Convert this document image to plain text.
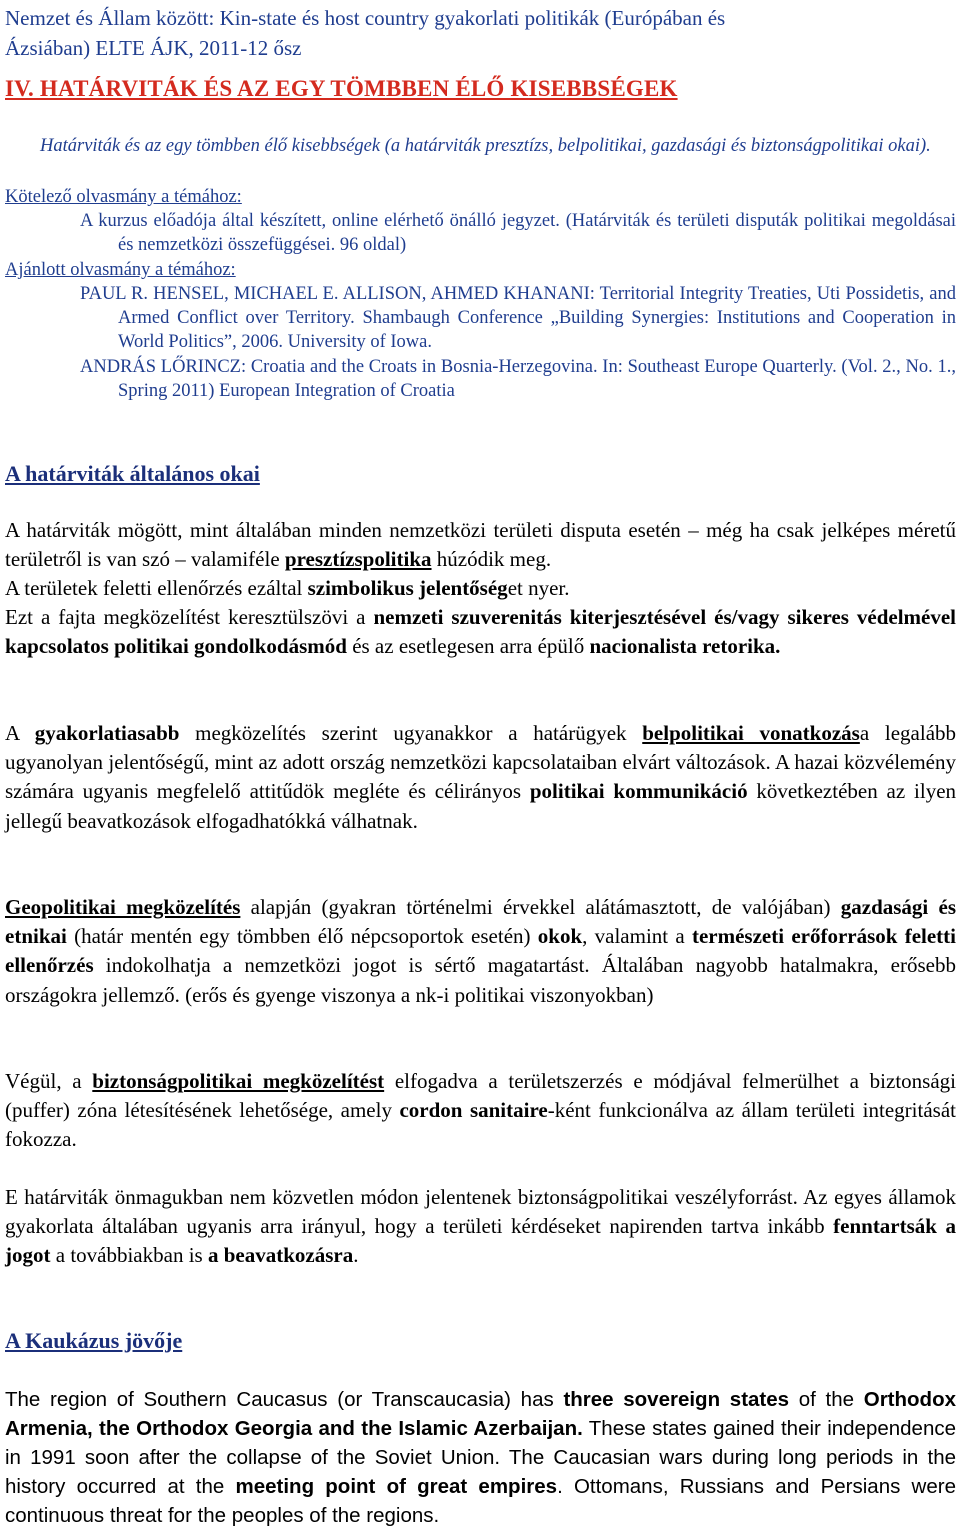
Nemzet és Állam között: Kin-state és host country gyakorlati politikák (Európában és
Ázsiában) ELTE ÁJK, 2011-12 ősz
IV. HATÁRVITÁK ÉS AZ EGY TÖMBBEN ÉLŐ KISEBBSÉGEK
Határviták és az egy tömbben élő kisebbségek (a határviták presztízs, belpolitikai, gazdasági és biztonságpolitikai okai).
Kötelező olvasmány a témához:
A kurzus előadója által készített, online elérhető önálló jegyzet. (Határviták és területi disputák politikai megoldásai és nemzetközi összefüggései. 96 oldal)
Ajánlott olvasmány a témához:
PAUL R. HENSEL, MICHAEL E. ALLISON, AHMED KHANANI: Territorial Integrity Treaties, Uti Possidetis, and Armed Conflict over Territory. Shambaugh Conference „Building Synergies: Institutions and Cooperation in World Politics”, 2006. University of Iowa.
ANDRÁS LŐRINCZ: Croatia and the Croats in Bosnia-Herzegovina. In: Southeast Europe Quarterly. (Vol. 2., No. 1., Spring 2011) European Integration of Croatia
A határviták általános okai
A határviták mögött, mint általában minden nemzetközi területi disputa esetén – még ha csak jelképes méretű területről is van szó – valamiféle presztízspolitika húzódik meg.
A területek feletti ellenőrzés ezáltal szimbolikus jelentőséget nyer.
Ezt a fajta megközelítést keresztülszövi a nemzeti szuverenitás kiterjesztésével és/vagy sikeres védelmével kapcsolatos politikai gondolkodásmód és az esetlegesen arra épülő nacionalista retorika.
A gyakorlatiasabb megközelítés szerint ugyanakkor a határügyek belpolitikai vonatkozása legalább ugyanolyan jelentőségű, mint az adott ország nemzetközi kapcsolataiban elvárt változások. A hazai közvélemény számára ugyanis megfelelő attitűdök megléte és célirányos politikai kommunikáció következtében az ilyen jellegű beavatkozások elfogadhatókká válhatnak.
Geopolitikai megközelítés alapján (gyakran történelmi érvekkel alátámasztott, de valójában) gazdasági és etnikai (határ mentén egy tömbben élő népcsoportok esetén) okok, valamint a természeti erőforrások feletti ellenőrzés indokolhatja a nemzetközi jogot is sértő magatartást. Általában nagyobb hatalmakra, erősebb országokra jellemző. (erős és gyenge viszonya a nk-i politikai viszonyokban)
Végül, a biztonságpolitikai megközelítést elfogadva a területszerzés e módjával felmerülhet a biztonsági (puffer) zóna létesítésének lehetősége, amely cordon sanitaire-ként funkcionálva az állam területi integritását fokozza.
E határviták önmagukban nem közvetlen módon jelentenek biztonságpolitikai veszélyforrást. Az egyes államok gyakorlata általában ugyanis arra irányul, hogy a területi kérdéseket napirenden tartva inkább fenntartsák a jogot a továbbiakban is a beavatkozásra.
A Kaukázus jövője
The region of Southern Caucasus (or Transcaucasia) has three sovereign states of the Orthodox Armenia, the Orthodox Georgia and the Islamic Azerbaijan. These states gained their independence in 1991 soon after the collapse of the Soviet Union. The Caucasian wars during long periods in the history occurred at the meeting point of great empires. Ottomans, Russians and Persians were continuous threat for the peoples of the regions.
